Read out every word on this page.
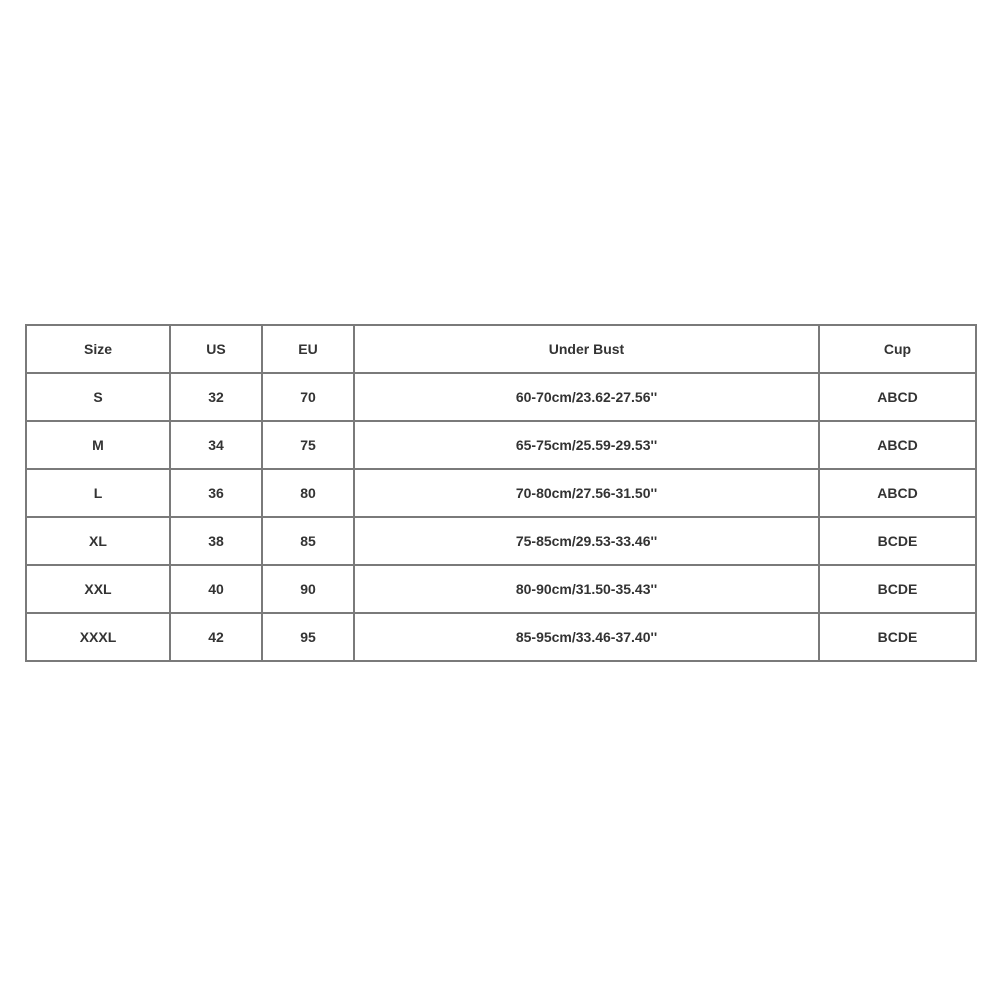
Size	US	EU	Under Bust	Cup
S	32	70	60-70cm/23.62-27.56''	ABCD
M	34	75	65-75cm/25.59-29.53''	ABCD
L	36	80	70-80cm/27.56-31.50''	ABCD
XL	38	85	75-85cm/29.53-33.46''	BCDE
XXL	40	90	80-90cm/31.50-35.43''	BCDE
XXXL	42	95	85-95cm/33.46-37.40''	BCDE
